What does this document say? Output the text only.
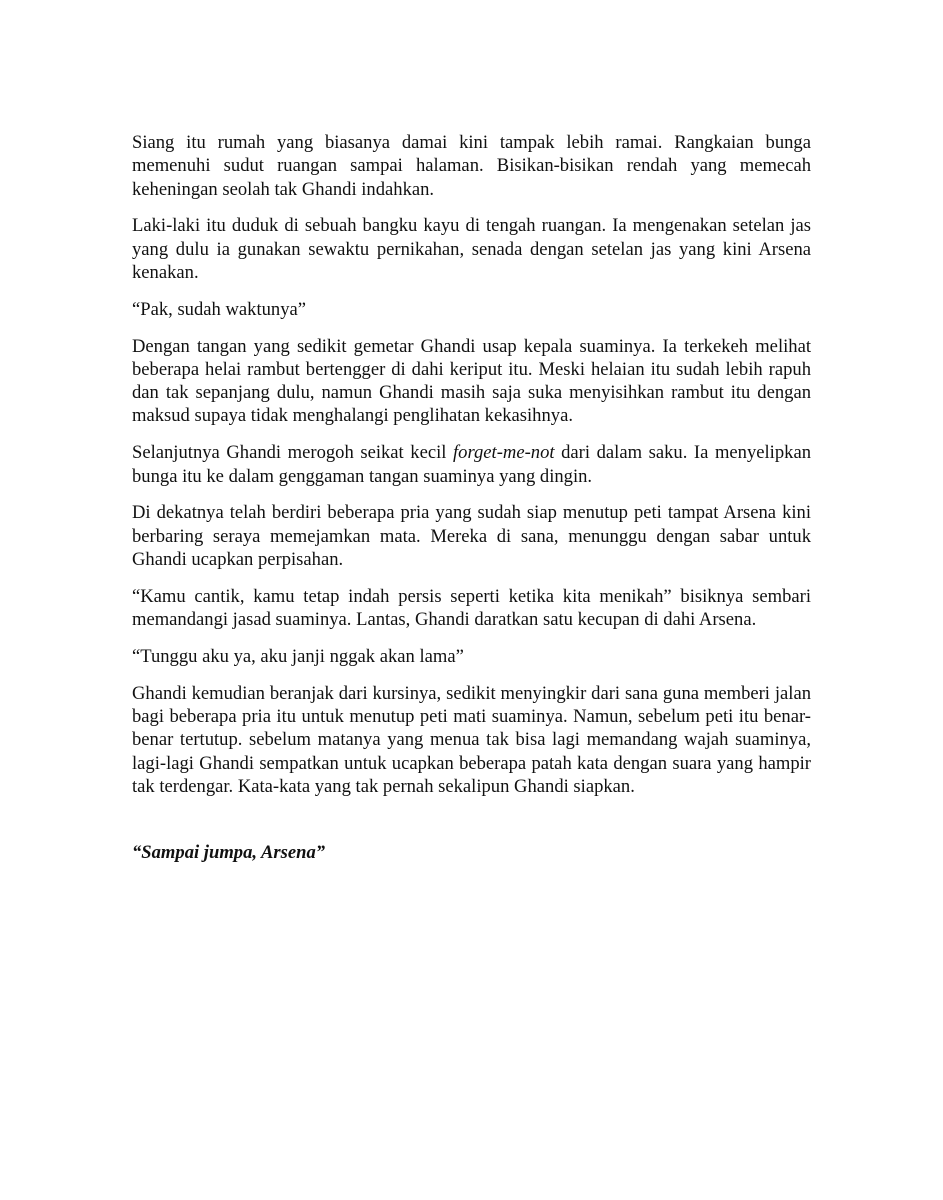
Siang itu rumah yang biasanya damai kini tampak lebih ramai. Rangkaian bunga memenuhi sudut ruangan sampai halaman. Bisikan-bisikan rendah yang memecah keheningan seolah tak Ghandi indahkan.

Laki-laki itu duduk di sebuah bangku kayu di tengah ruangan. Ia mengenakan setelan jas yang dulu ia gunakan sewaktu pernikahan, senada dengan setelan jas yang kini Arsena kenakan.

“Pak, sudah waktunya”

Dengan tangan yang sedikit gemetar Ghandi usap kepala suaminya. Ia terkekeh melihat beberapa helai rambut bertengger di dahi keriput itu. Meski helaian itu sudah lebih rapuh dan tak sepanjang dulu, namun Ghandi masih saja suka menyisihkan rambut itu dengan maksud supaya tidak menghalangi penglihatan kekasihnya.

Selanjutnya Ghandi merogoh seikat kecil forget-me-not dari dalam saku. Ia menyelipkan bunga itu ke dalam genggaman tangan suaminya yang dingin.

Di dekatnya telah berdiri beberapa pria yang sudah siap menutup peti tampat Arsena kini berbaring seraya memejamkan mata. Mereka di sana, menunggu dengan sabar untuk Ghandi ucapkan perpisahan.

“Kamu cantik, kamu tetap indah persis seperti ketika kita menikah” bisiknya sembari memandangi jasad suaminya. Lantas, Ghandi daratkan satu kecupan di dahi Arsena.

“Tunggu aku ya, aku janji nggak akan lama”

Ghandi kemudian beranjak dari kursinya, sedikit menyingkir dari sana guna memberi jalan bagi beberapa pria itu untuk menutup peti mati suaminya. Namun, sebelum peti itu benar-benar tertutup. sebelum matanya yang menua tak bisa lagi memandang wajah suaminya, lagi-lagi Ghandi sempatkan untuk ucapkan beberapa patah kata dengan suara yang hampir tak terdengar. Kata-kata yang tak pernah sekalipun Ghandi siapkan.

“Sampai jumpa, Arsena”
